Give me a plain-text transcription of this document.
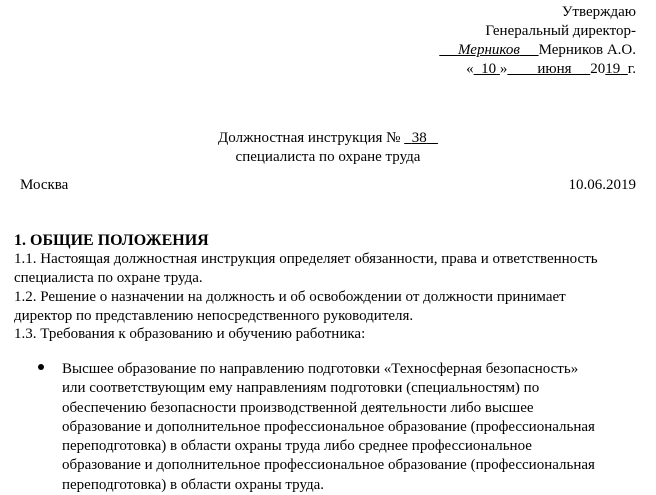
Утверждаю
Генеральный директор-
Мерников Мерников А.О.
« 10 » июня 2019 г.
Должностная инструкция № 38
специалиста по охране труда
Москва	10.06.2019
1. ОБЩИЕ ПОЛОЖЕНИЯ
1.1. Настоящая должностная инструкция определяет обязанности, права и ответственность
специалиста по охране труда.
1.2. Решение о назначении на должность и об освобождении от должности принимает
директор по представлению непосредственного руководителя.
1.3. Требования к образованию и обучению работника:
Высшее образование по направлению подготовки «Техносферная безопасность»
или соответствующим ему направлениям подготовки (специальностям) по
обеспечению безопасности производственной деятельности либо высшее
образование и дополнительное профессиональное образование (профессиональная
переподготовка) в области охраны труда либо среднее профессиональное
образование и дополнительное профессиональное образование (профессиональная
переподготовка) в области охраны труда.
